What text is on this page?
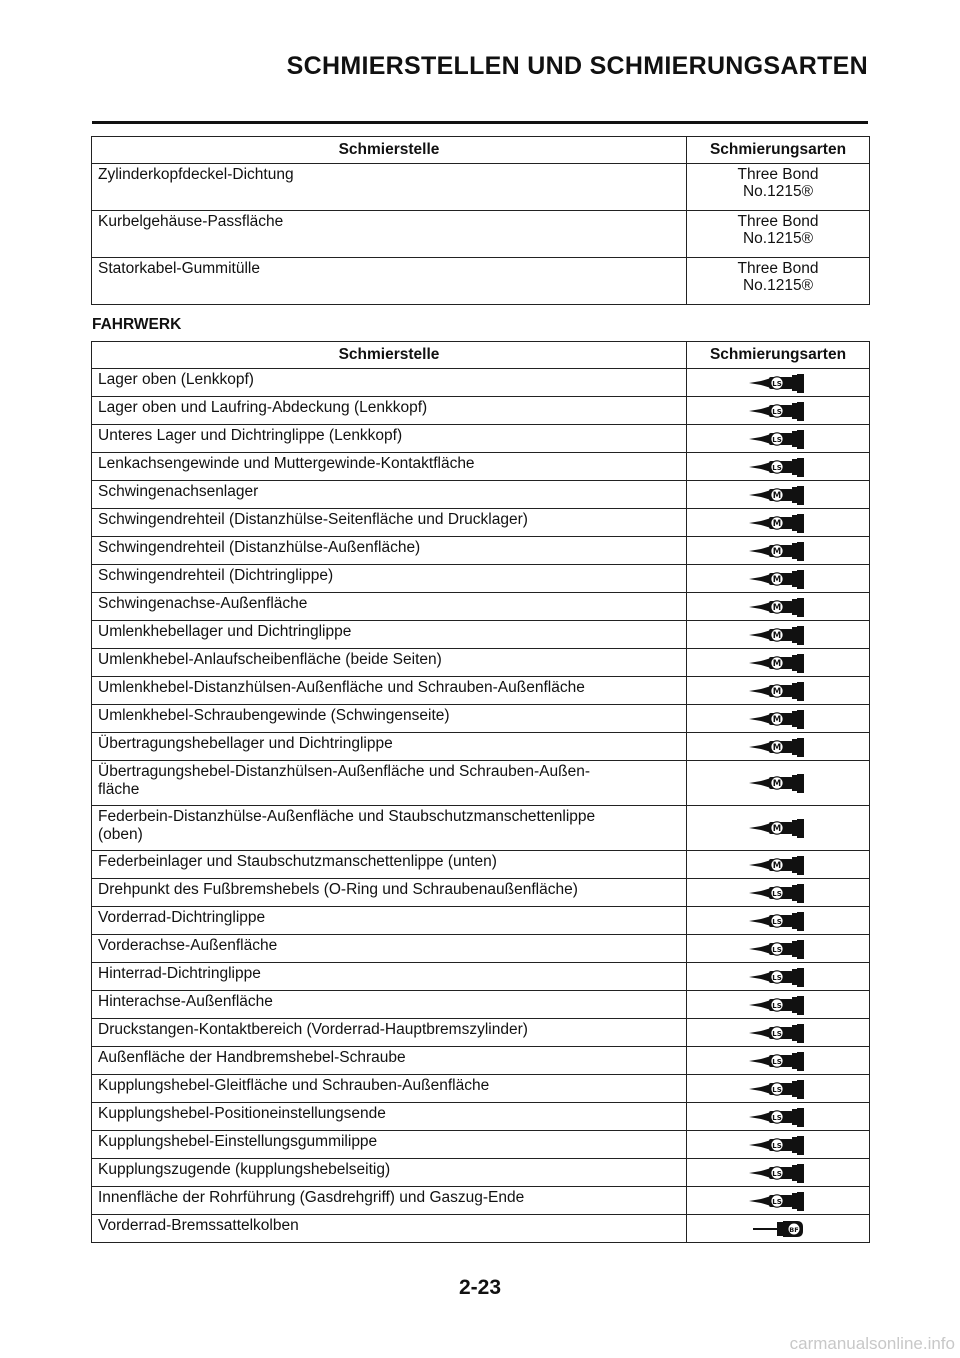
SCHMIERSTELLEN UND SCHMIERUNGSARTEN
Schmierstelle	Schmierungsarten
Zylinderkopfdeckel-Dichtung	Three Bond
No.1215®

Kurbelgehäuse-Passfläche	Three Bond
No.1215®

Statorkabel-Gummitülle	Three Bond
No.1215®
FAHRWERK
Schmierstelle	Schmierungsarten

Lager oben (Lenkkopf)	LS

Lager oben und Laufring-Abdeckung (Lenkkopf)	LS

Unteres Lager und Dichtringlippe (Lenkkopf)	LS

Lenkachsengewinde und Muttergewinde-Kontaktfläche	LS

Schwingenachsenlager	M

Schwingendrehteil (Distanzhülse-Seitenfläche und Drucklager)	M

Schwingendrehteil (Distanzhülse-Außenfläche)	M

Schwingendrehteil (Dichtringlippe)	M

Schwingenachse-Außenfläche	M

Umlenkhebellager und Dichtringlippe	M

Umlenkhebel-Anlaufscheibenfläche (beide Seiten)	M

Umlenkhebel-Distanzhülsen-Außenfläche und Schrauben-Außenfläche	M

Umlenkhebel-Schraubengewinde (Schwingenseite)	M

Übertragungshebellager und Dichtringlippe	M

Übertragungshebel-Distanzhülsen-Außenfläche und Schrauben-Außen-
fläche	M

Federbein-Distanzhülse-Außenfläche und Staubschutzmanschettenlippe
(oben)	M

Federbeinlager und Staubschutzmanschettenlippe (unten)	M

Drehpunkt des Fußbremshebels (O-Ring und Schraubenaußenfläche)	LS

Vorderrad-Dichtringlippe	LS

Vorderachse-Außenfläche	LS

Hinterrad-Dichtringlippe	LS

Hinterachse-Außenfläche	LS

Druckstangen-Kontaktbereich (Vorderrad-Hauptbremszylinder)	LS

Außenfläche der Handbremshebel-Schraube	LS

Kupplungshebel-Gleitfläche und Schrauben-Außenfläche	LS

Kupplungshebel-Positioneinstellungsende	LS

Kupplungshebel-Einstellungsgummilippe	LS

Kupplungszugende (kupplungshebelseitig)	LS

Innenfläche der Rohrführung (Gasdrehgriff) und Gaszug-Ende	LS

Vorderrad-Bremssattelkolben	BF
2-23
carmanualsonline.info
